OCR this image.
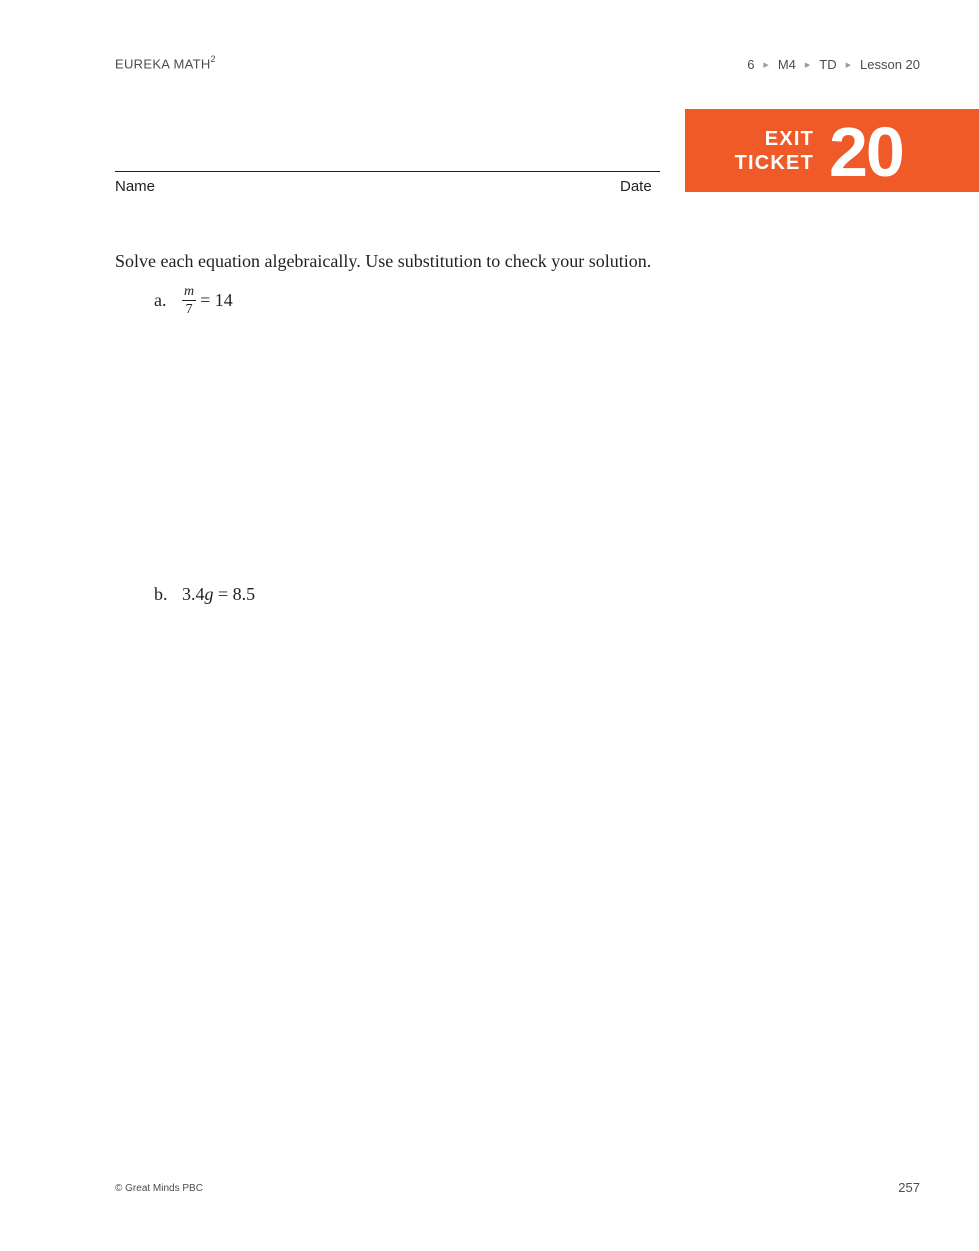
EUREKA MATH$^2$	6 ▶ M4 ▶ TD ▶ Lesson 20
Name	Date
EXIT
TICKET 20
Solve each equation algebraically. Use substitution to check your solution.
a.	$\frac{m}{7} = 14$
b. 3.4 g = 8.5
© Great Minds PBC	257
